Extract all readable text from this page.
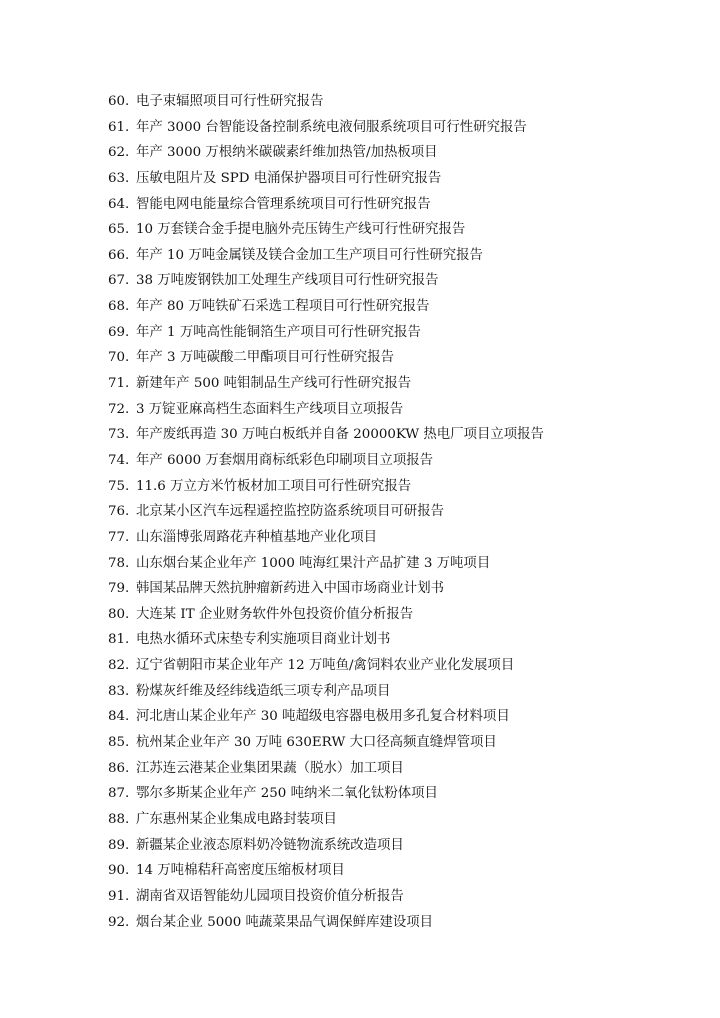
60. 电子束辐照项目可行性研究报告
61. 年产 3000 台智能设备控制系统电液伺服系统项目可行性研究报告
62. 年产 3000 万根纳米碳碳素纤维加热管/加热板项目
63. 压敏电阻片及 SPD 电涌保护器项目可行性研究报告
64. 智能电网电能量综合管理系统项目可行性研究报告
65. 10 万套镁合金手提电脑外壳压铸生产线可行性研究报告
66. 年产 10 万吨金属镁及镁合金加工生产项目可行性研究报告
67. 38 万吨废钢铁加工处理生产线项目可行性研究报告
68. 年产 80 万吨铁矿石采选工程项目可行性研究报告
69. 年产 1 万吨高性能铜箔生产项目可行性研究报告
70. 年产 3 万吨碳酸二甲酯项目可行性研究报告
71. 新建年产 500 吨钼制品生产线可行性研究报告
72. 3 万锭亚麻高档生态面料生产线项目立项报告
73. 年产废纸再造 30 万吨白板纸并自备 20000KW 热电厂项目立项报告
74. 年产 6000 万套烟用商标纸彩色印刷项目立项报告
75. 11.6 万立方米竹板材加工项目可行性研究报告
76. 北京某小区汽车远程遥控监控防盗系统项目可研报告
77. 山东淄博张周路花卉种植基地产业化项目
78. 山东烟台某企业年产 1000 吨海红果汁产品扩建 3 万吨项目
79. 韩国某品牌天然抗肿瘤新药进入中国市场商业计划书
80. 大连某 IT 企业财务软件外包投资价值分析报告
81. 电热水循环式床垫专利实施项目商业计划书
82. 辽宁省朝阳市某企业年产 12 万吨鱼/禽饲料农业产业化发展项目
83. 粉煤灰纤维及经纬线造纸三项专利产品项目
84. 河北唐山某企业年产 30 吨超级电容器电极用多孔复合材料项目
85. 杭州某企业年产 30 万吨 630ERW 大口径高频直缝焊管项目
86. 江苏连云港某企业集团果蔬（脱水）加工项目
87. 鄂尔多斯某企业年产 250 吨纳米二氧化钛粉体项目
88. 广东惠州某企业集成电路封装项目
89. 新疆某企业液态原料奶冷链物流系统改造项目
90. 14 万吨棉秸秆高密度压缩板材项目
91. 湖南省双语智能幼儿园项目投资价值分析报告
92. 烟台某企业 5000 吨蔬菜果品气调保鲜库建设项目
